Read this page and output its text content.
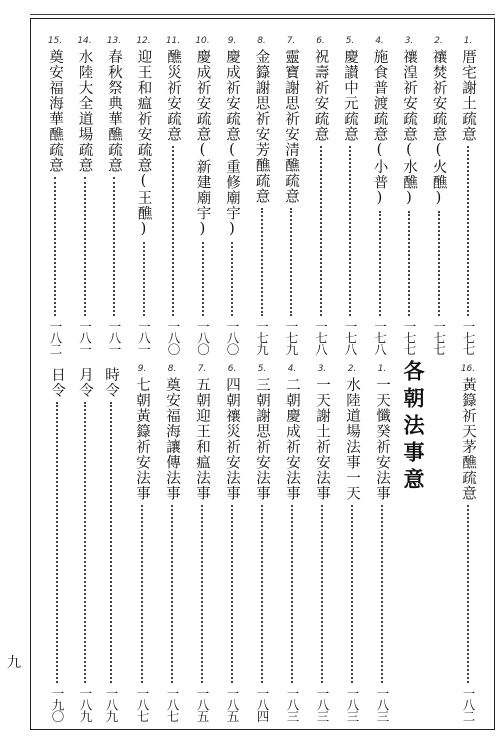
九
各朝法事意
1.
厝宅謝土疏意
一七七
2.
禳焚祈安疏意(火醮)
一七七
3.
禳湟祈安疏意(水醮)
一七七
4.
施食普渡疏意(小普)
一七八
5.
慶讃中元疏意
一七八
6.
祝壽祈安疏意
一七八
7.
靈寶謝思祈安清醮疏意
一七九
8.
金籙謝思祈安芳醮疏意
一七九
9.
慶成祈安疏意(重修廟宇)
一八〇
10.
慶成祈安疏意(新建廟宇)
一八〇
11.
醮災祈安疏意
一八〇
12.
迎王和瘟祈安疏意(王醮)
一八一
13.
春秋祭典華醮疏意
一八一
14.
水陸大全道場疏意
一八一
15.
奠安福海華醮疏意
一八二
16.
黃籙祈天茅醮疏意
一八二
1.
一天懺癸祈安法事
一八三
2.
水陸道場法事一天
一八三
3.
一天謝土祈安法事
一八三
4.
二朝慶成祈安法事
一八三
5.
三朝謝思祈安法事
一八四
6.
四朝禳災祈安法事
一八五
7.
五朝迎王和瘟法事
一八五
8.
奠安福海讓傳法事
一八七
9.
七朝黃籙祈安法事
一八七
時令
一八九
月令
一八九
日令
一九〇
